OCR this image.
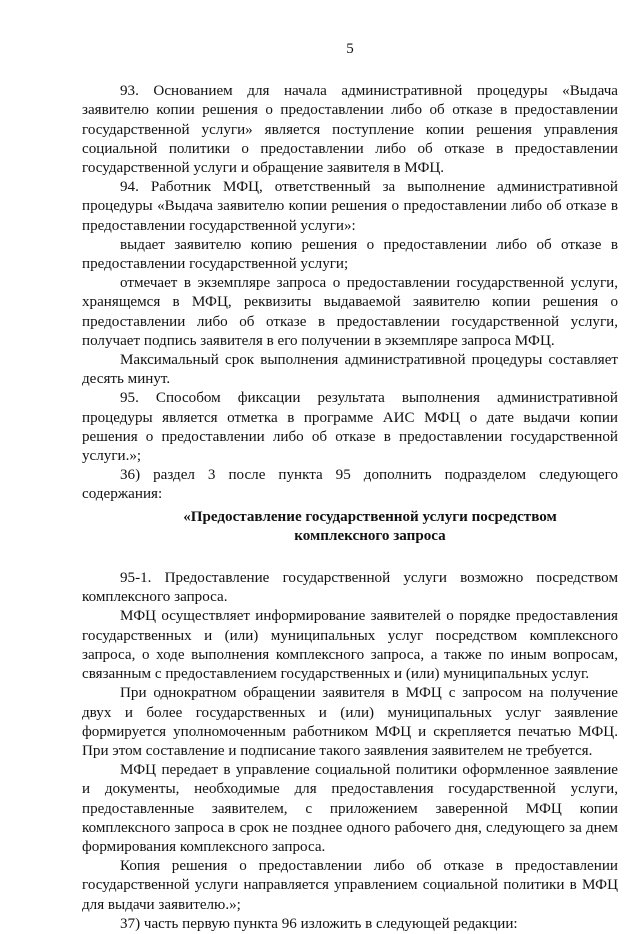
5

93. Основанием для начала административной процедуры «Выдача заявителю копии решения о предоставлении либо об отказе в предоставлении государственной услуги» является поступление копии решения управления социальной политики о предоставлении либо об отказе в предоставлении государственной услуги и обращение заявителя в МФЦ.

94. Работник МФЦ, ответственный за выполнение административной процедуры «Выдача заявителю копии решения о предоставлении либо об отказе в предоставлении государственной услуги»:

выдает заявителю копию решения о предоставлении либо об отказе в предоставлении государственной услуги;

отмечает в экземпляре запроса о предоставлении государственной услуги, хранящемся в МФЦ, реквизиты выдаваемой заявителю копии решения о предоставлении либо об отказе в предоставлении государственной услуги, получает подпись заявителя в его получении в экземпляре запроса МФЦ.

Максимальный срок выполнения административной процедуры составляет десять минут.

95. Способом фиксации результата выполнения административной процедуры является отметка в программе АИС МФЦ о дате выдачи копии решения о предоставлении либо об отказе в предоставлении государственной услуги.»;

36) раздел 3 после пункта 95 дополнить подразделом следующего содержания:

«Предоставление государственной услуги посредством
комплексного запроса

95-1. Предоставление государственной услуги возможно посредством комплексного запроса.

МФЦ осуществляет информирование заявителей о порядке предоставления государственных и (или) муниципальных услуг посредством комплексного запроса, о ходе выполнения комплексного запроса, а также по иным вопросам, связанным с предоставлением государственных и (или) муниципальных услуг.

При однократном обращении заявителя в МФЦ с запросом на получение двух и более государственных и (или) муниципальных услуг заявление формируется уполномоченным работником МФЦ и скрепляется печатью МФЦ. При этом составление и подписание такого заявления заявителем не требуется.

МФЦ передает в управление социальной политики оформленное заявление и документы, необходимые для предоставления государственной услуги, предоставленные заявителем, с приложением заверенной МФЦ копии комплексного запроса в срок не позднее одного рабочего дня, следующего за днем формирования комплексного запроса.

Копия решения о предоставлении либо об отказе в предоставлении государственной услуги направляется управлением социальной политики в МФЦ для выдачи заявителю.»;

37) часть первую пункта 96 изложить в следующей редакции:
